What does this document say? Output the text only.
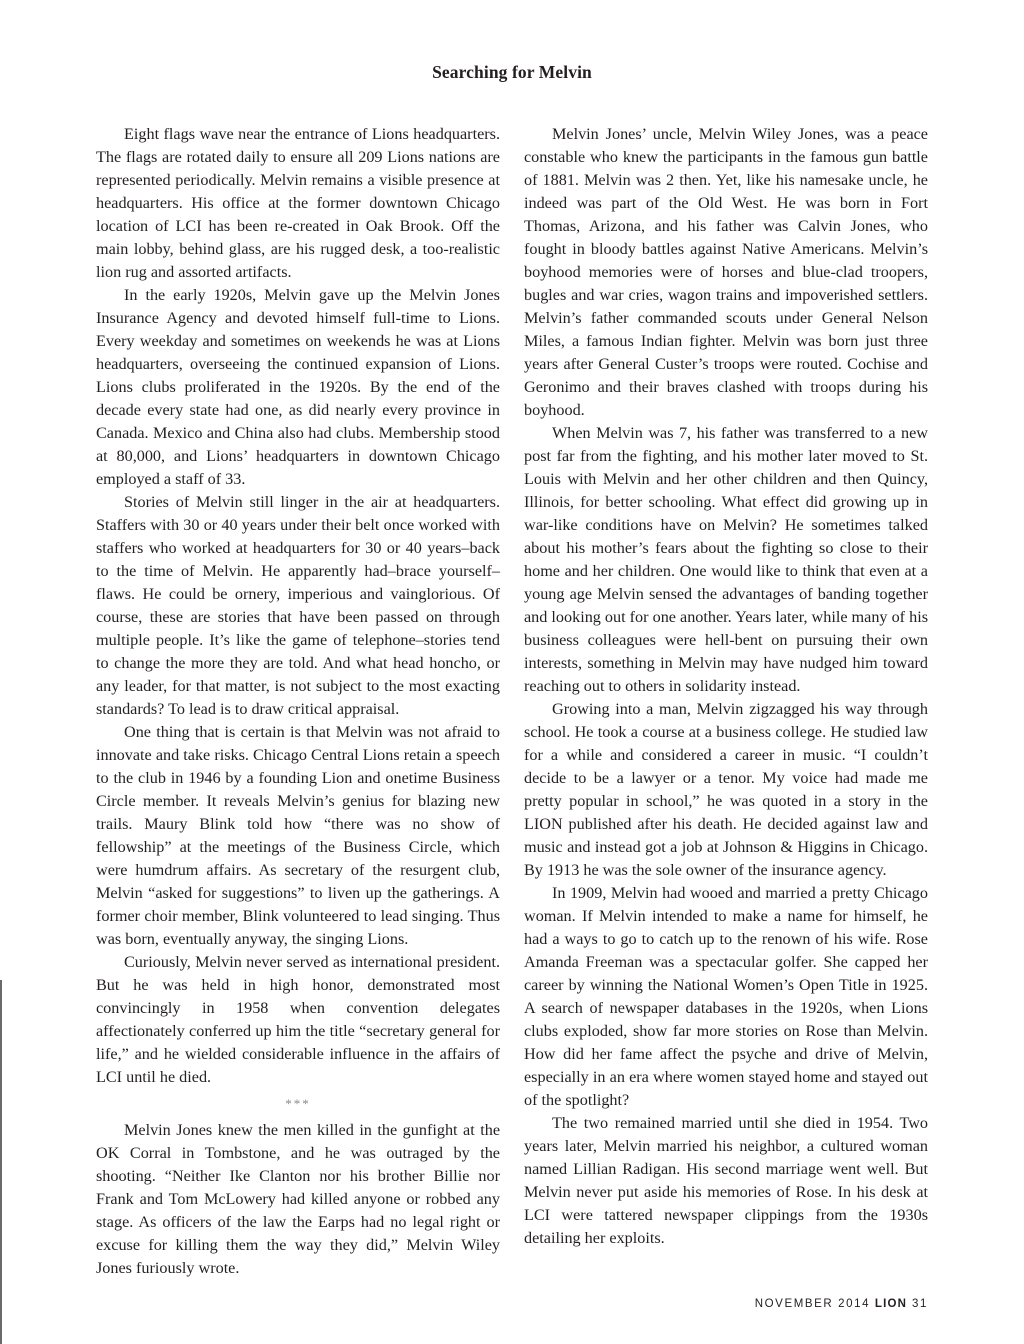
Searching for Melvin

Eight flags wave near the entrance of Lions headquarters. The flags are rotated daily to ensure all 209 Lions nations are represented periodically. Melvin remains a visible presence at headquarters. His office at the former downtown Chicago location of LCI has been re-created in Oak Brook. Off the main lobby, behind glass, are his rugged desk, a too-realistic lion rug and assorted artifacts.

In the early 1920s, Melvin gave up the Melvin Jones Insurance Agency and devoted himself full-time to Lions. Every weekday and sometimes on weekends he was at Lions headquarters, overseeing the continued expansion of Lions. Lions clubs proliferated in the 1920s. By the end of the decade every state had one, as did nearly every province in Canada. Mexico and China also had clubs. Membership stood at 80,000, and Lions’ headquarters in downtown Chicago employed a staff of 33.

Stories of Melvin still linger in the air at headquarters. Staffers with 30 or 40 years under their belt once worked with staffers who worked at headquarters for 30 or 40 years–back to the time of Melvin. He apparently had–brace yourself–flaws. He could be ornery, imperious and vainglorious. Of course, these are stories that have been passed on through multiple people. It’s like the game of telephone–stories tend to change the more they are told. And what head honcho, or any leader, for that matter, is not subject to the most exacting standards? To lead is to draw critical appraisal.

One thing that is certain is that Melvin was not afraid to innovate and take risks. Chicago Central Lions retain a speech to the club in 1946 by a founding Lion and onetime Business Circle member. It reveals Melvin’s genius for blazing new trails. Maury Blink told how “there was no show of fellowship” at the meetings of the Business Circle, which were humdrum affairs. As secretary of the resurgent club, Melvin “asked for suggestions” to liven up the gatherings. A former choir member, Blink volunteered to lead singing. Thus was born, eventually anyway, the singing Lions.

Curiously, Melvin never served as international president. But he was held in high honor, demonstrated most convincingly in 1958 when convention delegates affectionately conferred up him the title “secretary general for life,” and he wielded considerable influence in the affairs of LCI until he died.

***

Melvin Jones knew the men killed in the gunfight at the OK Corral in Tombstone, and he was outraged by the shooting. “Neither Ike Clanton nor his brother Billie nor Frank and Tom McLowery had killed anyone or robbed any stage. As officers of the law the Earps had no legal right or excuse for killing them the way they did,” Melvin Wiley Jones furiously wrote.

Melvin Jones’ uncle, Melvin Wiley Jones, was a peace constable who knew the participants in the famous gun battle of 1881. Melvin was 2 then. Yet, like his namesake uncle, he indeed was part of the Old West. He was born in Fort Thomas, Arizona, and his father was Calvin Jones, who fought in bloody battles against Native Americans. Melvin’s boyhood memories were of horses and blue-clad troopers, bugles and war cries, wagon trains and impoverished settlers. Melvin’s father commanded scouts under General Nelson Miles, a famous Indian fighter. Melvin was born just three years after General Custer’s troops were routed. Cochise and Geronimo and their braves clashed with troops during his boyhood.

When Melvin was 7, his father was transferred to a new post far from the fighting, and his mother later moved to St. Louis with Melvin and her other children and then Quincy, Illinois, for better schooling. What effect did growing up in war-like conditions have on Melvin? He sometimes talked about his mother’s fears about the fighting so close to their home and her children. One would like to think that even at a young age Melvin sensed the advantages of banding together and looking out for one another. Years later, while many of his business colleagues were hell-bent on pursuing their own interests, something in Melvin may have nudged him toward reaching out to others in solidarity instead.

Growing into a man, Melvin zigzagged his way through school. He took a course at a business college. He studied law for a while and considered a career in music. “I couldn’t decide to be a lawyer or a tenor. My voice had made me pretty popular in school,” he was quoted in a story in the LION published after his death. He decided against law and music and instead got a job at Johnson & Higgins in Chicago. By 1913 he was the sole owner of the insurance agency.

In 1909, Melvin had wooed and married a pretty Chicago woman. If Melvin intended to make a name for himself, he had a ways to go to catch up to the renown of his wife. Rose Amanda Freeman was a spectacular golfer. She capped her career by winning the National Women’s Open Title in 1925. A search of newspaper databases in the 1920s, when Lions clubs exploded, show far more stories on Rose than Melvin. How did her fame affect the psyche and drive of Melvin, especially in an era where women stayed home and stayed out of the spotlight?

The two remained married until she died in 1954. Two years later, Melvin married his neighbor, a cultured woman named Lillian Radigan. His second marriage went well. But Melvin never put aside his memories of Rose. In his desk at LCI were tattered newspaper clippings from the 1930s detailing her exploits.

NOVEMBER 2014 LION 31
